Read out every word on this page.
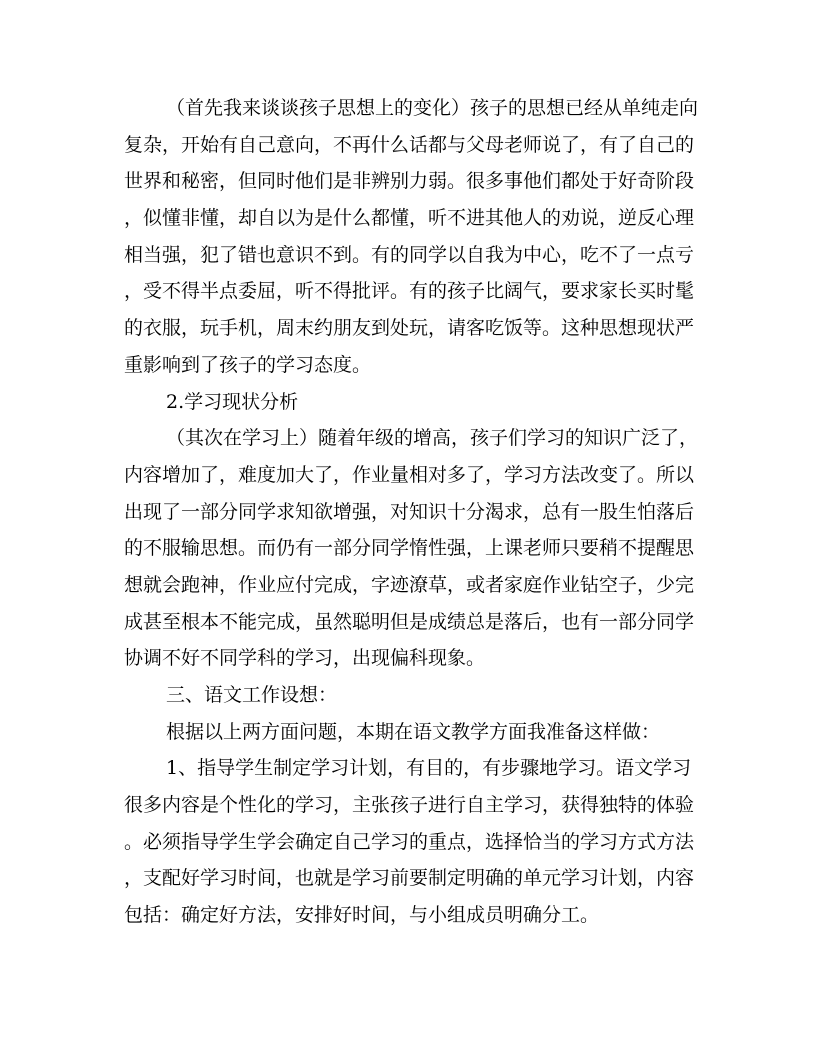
（首先我来谈谈孩子思想上的变化）孩子的思想已经从单纯走向
复杂，开始有自己意向，不再什么话都与父母老师说了，有了自己的
世界和秘密，但同时他们是非辨别力弱。很多事他们都处于好奇阶段
，似懂非懂，却自以为是什么都懂，听不进其他人的劝说，逆反心理
相当强，犯了错也意识不到。有的同学以自我为中心，吃不了一点亏
，受不得半点委屈，听不得批评。有的孩子比阔气，要求家长买时髦
的衣服，玩手机，周末约朋友到处玩，请客吃饭等。这种思想现状严
重影响到了孩子的学习态度。
2.学习现状分析
（其次在学习上）随着年级的增高，孩子们学习的知识广泛了，
内容增加了，难度加大了，作业量相对多了，学习方法改变了。所以
出现了一部分同学求知欲增强，对知识十分渴求，总有一股生怕落后
的不服输思想。而仍有一部分同学惰性强，上课老师只要稍不提醒思
想就会跑神，作业应付完成，字迹潦草，或者家庭作业钻空子，少完
成甚至根本不能完成，虽然聪明但是成绩总是落后，也有一部分同学
协调不好不同学科的学习，出现偏科现象。
三、语文工作设想：
根据以上两方面问题，本期在语文教学方面我准备这样做：
1、指导学生制定学习计划，有目的，有步骤地学习。语文学习
很多内容是个性化的学习，主张孩子进行自主学习，获得独特的体验
。必须指导学生学会确定自己学习的重点，选择恰当的学习方式方法
，支配好学习时间，也就是学习前要制定明确的单元学习计划，内容
包括：确定好方法，安排好时间，与小组成员明确分工。
